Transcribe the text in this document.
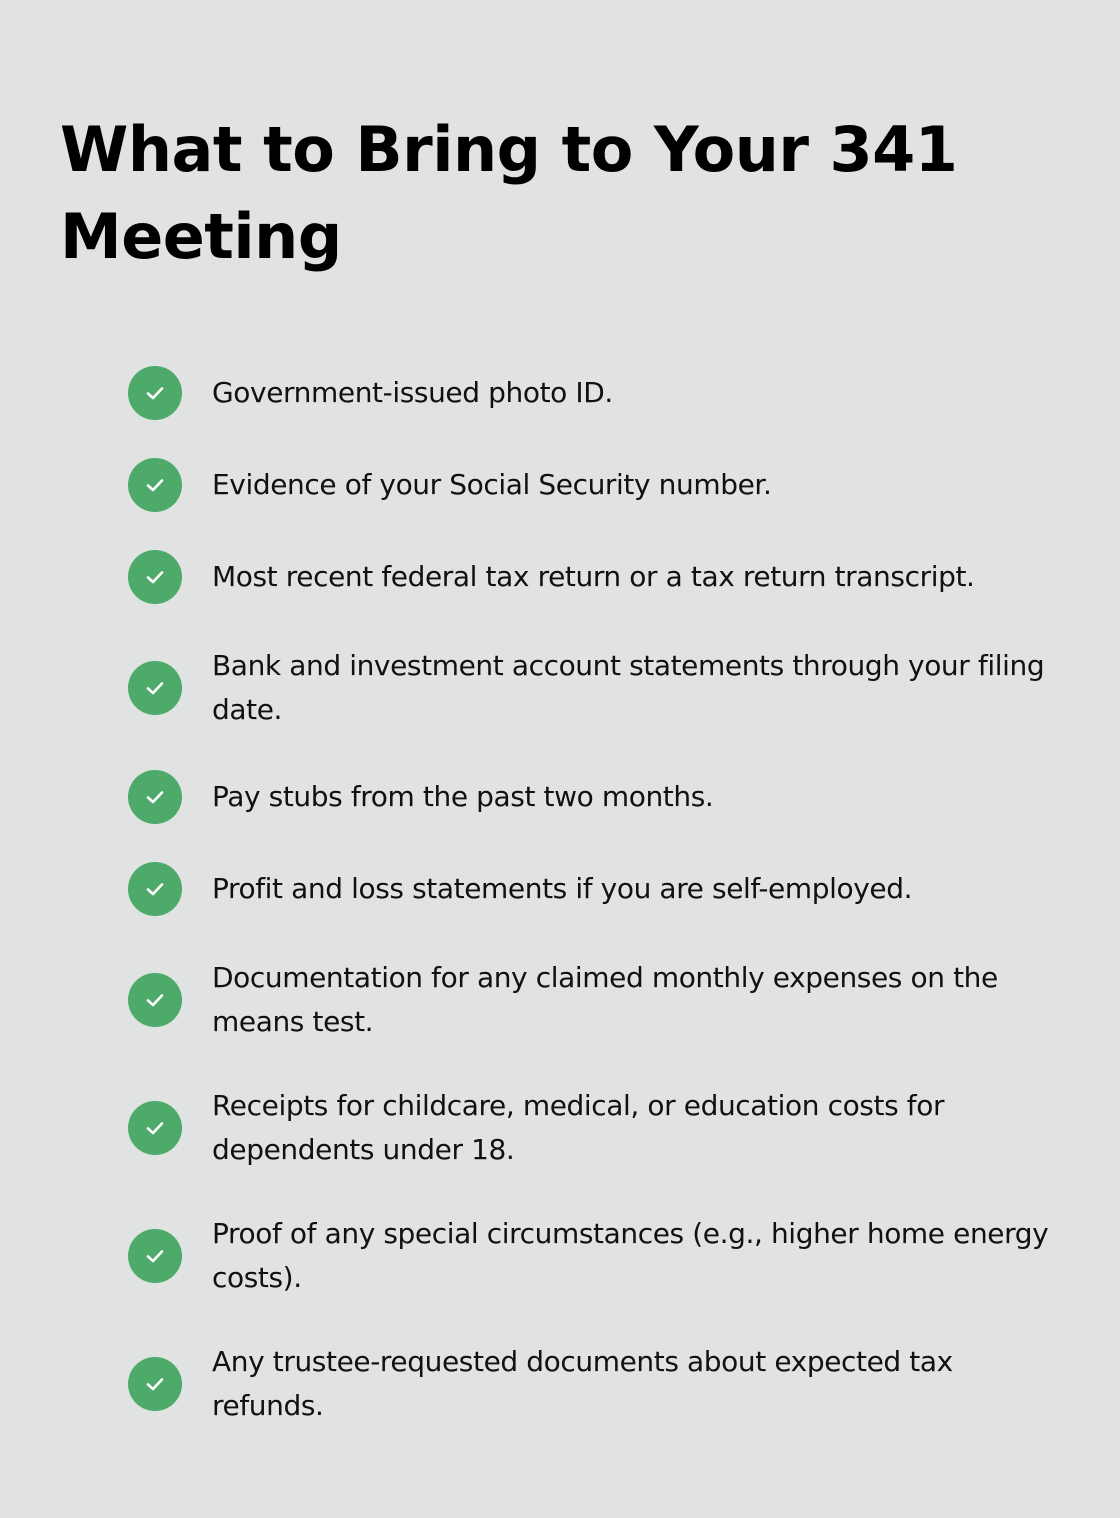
What to Bring to Your 341 Meeting
Government-issued photo ID.
Evidence of your Social Security number.
Most recent federal tax return or a tax return transcript.
Bank and investment account statements through your filing date.
Pay stubs from the past two months.
Profit and loss statements if you are self-employed.
Documentation for any claimed monthly expenses on the means test.
Receipts for childcare, medical, or education costs for dependents under 18.
Proof of any special circumstances (e.g., higher home energy costs).
Any trustee-requested documents about expected tax refunds.
